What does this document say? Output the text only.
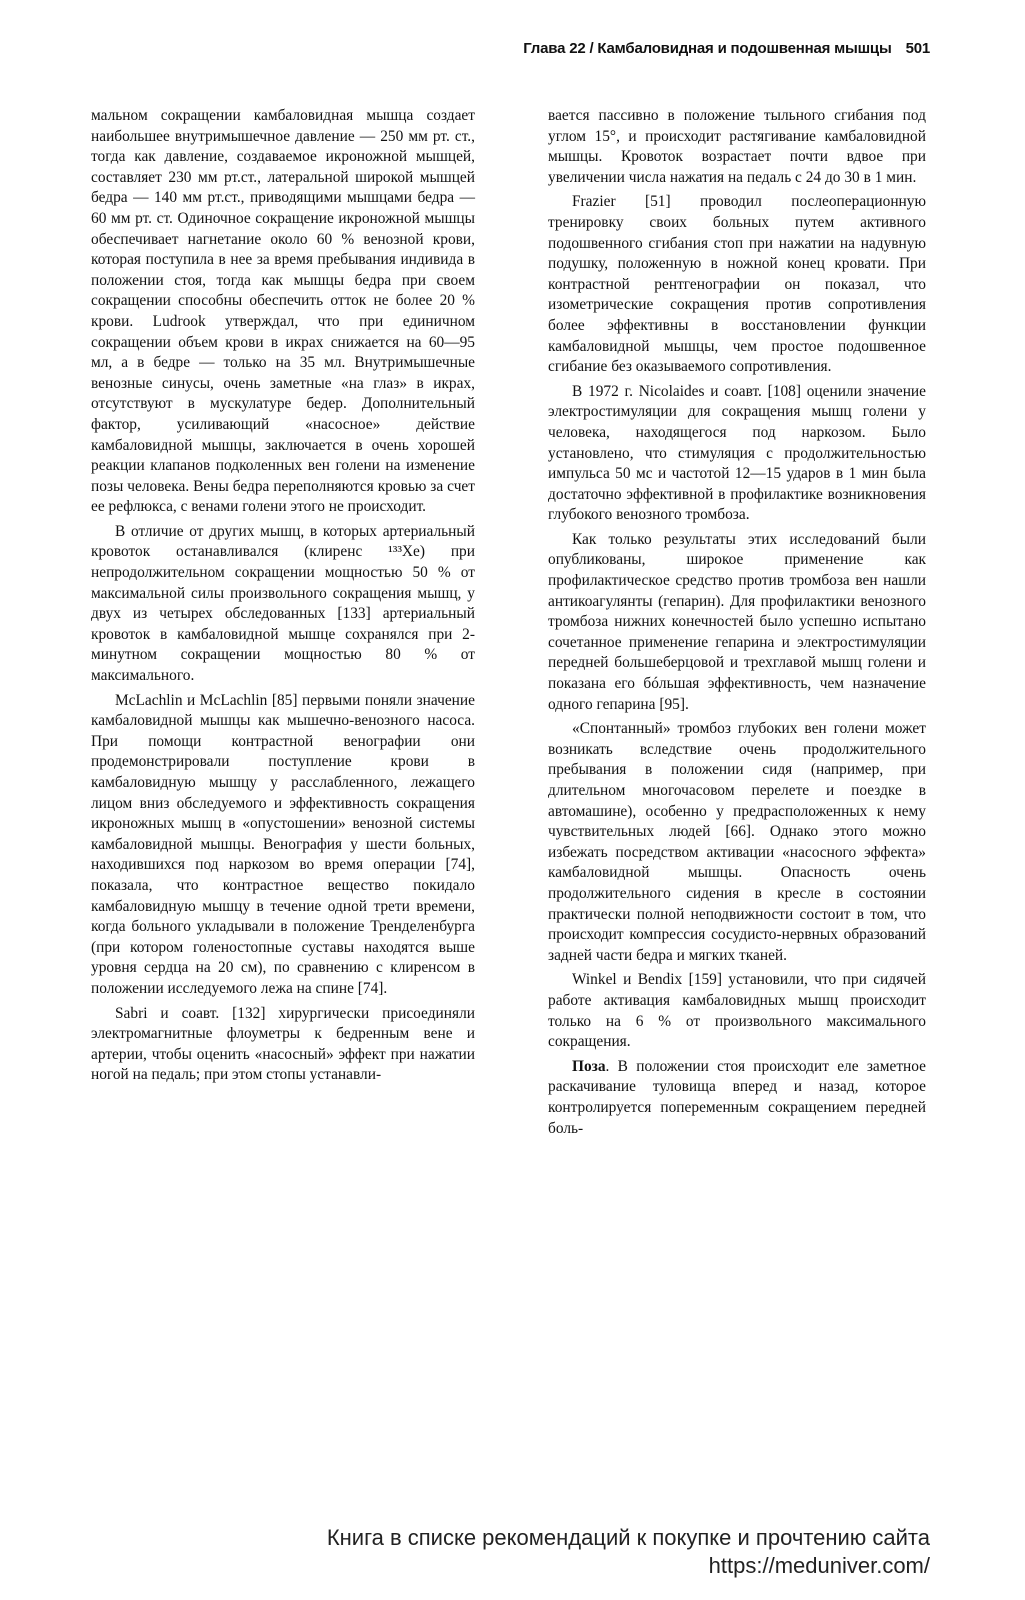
Глава 22 / Камбаловидная и подошвенная мышцы 501

мальном сокращении камбаловидная мышца создает наибольшее внутримышечное давление — 250 мм рт. ст., тогда как давление, создаваемое икроножной мышцей, составляет 230 мм рт.ст., латеральной широкой мышцей бедра — 140 мм рт.ст., приводящими мышцами бедра — 60 мм рт. ст. Одиночное сокращение икроножной мышцы обеспечивает нагнетание около 60 % венозной крови, которая поступила в нее за время пребывания индивида в положении стоя, тогда как мышцы бедра при своем сокращении способны обеспечить отток не более 20 % крови. Ludrook утверждал, что при единичном сокращении объем крови в икрах снижается на 60—95 мл, а в бедре — только на 35 мл. Внутримышечные венозные синусы, очень заметные «на глаз» в икрах, отсутствуют в мускулатуре бедер. Дополнительный фактор, усиливающий «насосное» действие камбаловидной мышцы, заключается в очень хорошей реакции клапанов подколенных вен голени на изменение позы человека. Вены бедра переполняются кровью за счет ее рефлюкса, с венами голени этого не происходит.

В отличие от других мышц, в которых артериальный кровоток останавливался (клиренс ¹³³Хе) при непродолжительном сокращении мощностью 50 % от максимальной силы произвольного сокращения мышц, у двух из четырех обследованных [133] артериальный кровоток в камбаловидной мышце сохранялся при 2-минутном сокращении мощностью 80 % от максимального.

McLachlin и McLachlin [85] первыми поняли значение камбаловидной мышцы как мышечно-венозного насоса. При помощи контрастной венографии они продемонстрировали поступление крови в камбаловидную мышцу у расслабленного, лежащего лицом вниз обследуемого и эффективность сокращения икроножных мышц в «опустошении» венозной системы камбаловидной мышцы. Венография у шести больных, находившихся под наркозом во время операции [74], показала, что контрастное вещество покидало камбаловидную мышцу в течение одной трети времени, когда больного укладывали в положение Тренделенбурга (при котором голеностопные суставы находятся выше уровня сердца на 20 см), по сравнению с клиренсом в положении исследуемого лежа на спине [74].

Sabri и соавт. [132] хирургически присоединяли электромагнитные флоуметры к бедренным вене и артерии, чтобы оценить «насосный» эффект при нажатии ногой на педаль; при этом стопы устанавли-

вается пассивно в положение тыльного сгибания под углом 15°, и происходит растягивание камбаловидной мышцы. Кровоток возрастает почти вдвое при увеличении числа нажатия на педаль с 24 до 30 в 1 мин.

Frazier [51] проводил послеоперационную тренировку своих больных путем активного подошвенного сгибания стоп при нажатии на надувную подушку, положенную в ножной конец кровати. При контрастной рентгенографии он показал, что изометрические сокращения против сопротивления более эффективны в восстановлении функции камбаловидной мышцы, чем простое подошвенное сгибание без оказываемого сопротивления.

В 1972 г. Nicolaides и соавт. [108] оценили значение электростимуляции для сокращения мышц голени у человека, находящегося под наркозом. Было установлено, что стимуляция с продолжительностью импульса 50 мс и частотой 12—15 ударов в 1 мин была достаточно эффективной в профилактике возникновения глубокого венозного тромбоза.

Как только результаты этих исследований были опубликованы, широкое применение как профилактическое средство против тромбоза вен нашли антикоагулянты (гепарин). Для профилактики венозного тромбоза нижних конечностей было успешно испытано сочетанное применение гепарина и электростимуляции передней большеберцовой и трехглавой мышц голени и показана его бóльшая эффективность, чем назначение одного гепарина [95].

«Спонтанный» тромбоз глубоких вен голени может возникать вследствие очень продолжительного пребывания в положении сидя (например, при длительном многочасовом перелете и поездке в автомашине), особенно у предрасположенных к нему чувствительных людей [66]. Однако этого можно избежать посредством активации «насосного эффекта» камбаловидной мышцы. Опасность очень продолжительного сидения в кресле в состоянии практически полной неподвижности состоит в том, что происходит компрессия сосудисто-нервных образований задней части бедра и мягких тканей.

Winkel и Bendix [159] установили, что при сидячей работе активация камбаловидных мышц происходит только на 6 % от произвольного максимального сокращения.

Поза. В положении стоя происходит еле заметное раскачивание туловища вперед и назад, которое контролируется попеременным сокращением передней боль-

Книга в списке рекомендаций к покупке и прочтению сайта https://meduniver.com/
